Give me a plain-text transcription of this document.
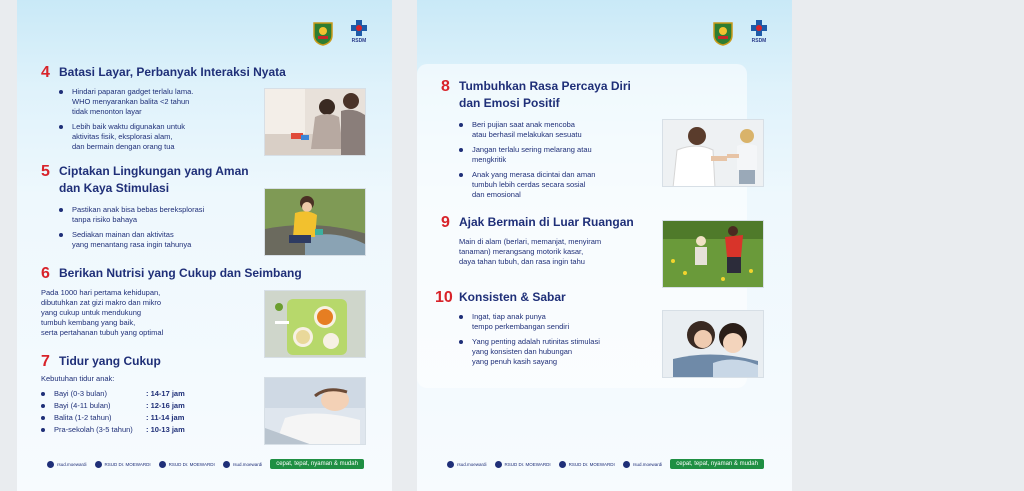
RSDM
4 Batasi Layar, Perbanyak Interaksi Nyata
Hindari paparan gadget terlalu lama.
WHO menyarankan balita <2 tahun
tidak menonton layar
Lebih baik waktu digunakan untuk
aktivitas fisik, eksplorasi alam,
dan bermain dengan orang tua
5 Ciptakan Lingkungan yang Aman
dan Kaya Stimulasi
Pastikan anak bisa bebas bereksplorasi
tanpa risiko bahaya
Sediakan mainan dan aktivitas
yang menantang rasa ingin tahunya
6 Berikan Nutrisi yang Cukup dan Seimbang

Pada 1000 hari pertama kehidupan,
dibutuhkan zat gizi makro dan mikro
yang cukup untuk mendukung
tumbuh kembang yang baik,
serta pertahanan tubuh yang optimal

7 Tidur yang Cukup

Kebutuhan tidur anak:

Bayi (0-3 bulan)	: 14-17 jam
Bayi (4-11 bulan)	: 12-16 jam
Balita (1-2 tahun)	: 11-14 jam
Pra-sekolah (3-5 tahun)	: 10-13 jam
rsud.moewardi	RSUD Dr. MOEWARDI	RSUD Dr. MOEWARDI	rsud.moewardi	cepat, tepat, nyaman & mudah
RSDM
8 Tumbuhkan Rasa Percaya Diri
dan Emosi Positif
Beri pujian saat anak mencoba
atau berhasil melakukan sesuatu
Jangan terlalu sering melarang atau
mengkritik
Anak yang merasa dicintai dan aman
tumbuh lebih cerdas secara sosial
dan emosional
9 Ajak Bermain di Luar Ruangan

Main di alam (berlari, memanjat, menyiram
tanaman) merangsang motorik kasar,
daya tahan tubuh, dan rasa ingin tahu

10 Konsisten & Sabar
Ingat, tiap anak punya
tempo perkembangan sendiri
Yang penting adalah rutinitas stimulasi
yang konsisten dan hubungan
yang penuh kasih sayang
rsud.moewardi	RSUD Dr. MOEWARDI	RSUD Dr. MOEWARDI	rsud.moewardi	cepat, tepat, nyaman & mudah
